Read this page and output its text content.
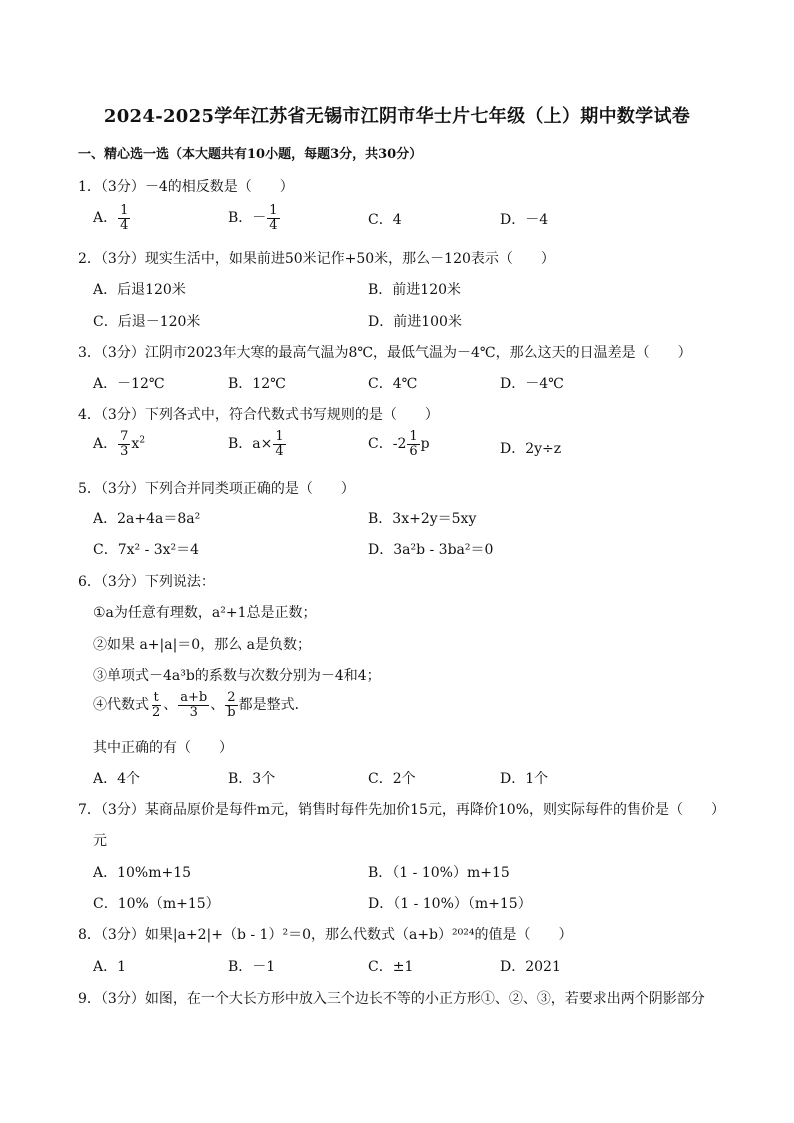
2024-2025学年江苏省无锡市江阴市华士片七年级（上）期中数学试卷
一、精心选一选（本大题共有10小题，每题3分，共30分）
1．（3分）－4的相反数是（　　）
A． $\frac{1}{4}$	B．－ $\frac{1}{4}$	C．4	D．－4
2．（3分）现实生活中，如果前进50米记作+50米，那么－120表示（　　）
A．后退120米	B．前进120米
C．后退－120米	D．前进100米
3．（3分）江阴市2023年大寒的最高气温为8℃，最低气温为－4℃，那么这天的日温差是（　　）
A．－12℃	B．12℃	C．4℃	D．－4℃
4．（3分）下列各式中，符合代数式书写规则的是（　　）
A． $\frac{7}{3} x^2$	B．$a\times \frac{1}{4}$	C．$-2 \frac{1}{6}$ p	D．2y÷z
5．（3分）下列合并同类项正确的是（　　）
A．2a+4a＝8a²	B．3x+2y＝5xy
C．7x² - 3x²＝4	D．3a²b - 3ba²＝0
6．（3分）下列说法：
①a为任意有理数，a²+1总是正数；
②如果 a+|a|＝0，那么 a是负数；
③单项式－4a³b的系数与次数分别为－4和4；
④代数式 $\frac{t}{2}$ 、 $\frac{a+b}{3}$ 、 $\frac{2}{b}$ 都是整式．
其中正确的有（　　）
A．4个	B．3个	C．2个	D．1个
7．（3分）某商品原价是每件m元，销售时每件先加价15元，再降价10%，则实际每件的售价是（　　）
元
A．10%m+15	B．（1 - 10%）m+15
C．10%（m+15）	D．（1 - 10%）（m+15）
8．（3分）如果|a+2|+（b - 1）²＝0，那么代数式（a+b）²⁰²⁴的值是（　　）
A．1	B．－1	C．±1	D．2021
9．（3分）如图，在一个大长方形中放入三个边长不等的小正方形①、②、③，若要求出两个阴影部分
